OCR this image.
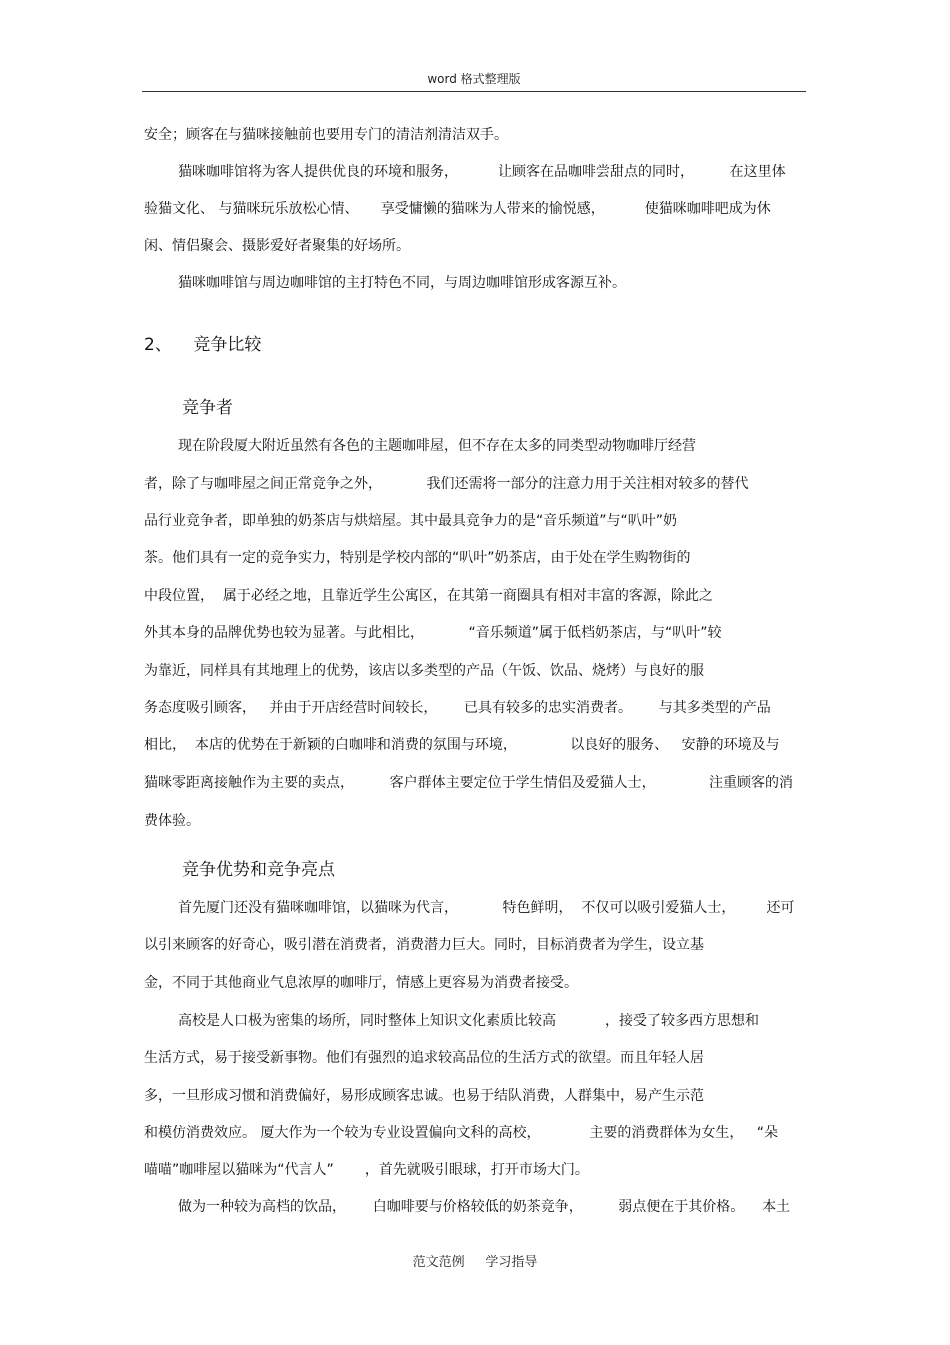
word 格式整理版
安全；顾客在与猫咪接触前也要用专门的清洁剂清洁双手。
猫咪咖啡馆将为客人提供优良的环境和服务，         让顾客在品咖啡尝甜点的同时，        在这里体
验猫文化、 与猫咪玩乐放松心情、     享受慵懒的猫咪为人带来的愉悦感，         使猫咪咖啡吧成为休
闲、情侣聚会、摄影爱好者聚集的好场所。
猫咪咖啡馆与周边咖啡馆的主打特色不同，与周边咖啡馆形成客源互补。
2、    竞争比较
竞争者
现在阶段厦大附近虽然有各色的主题咖啡屋，但不存在太多的同类型动物咖啡厅经营
者，除了与咖啡屋之间正常竞争之外，          我们还需将一部分的注意力用于关注相对较多的替代
品行业竞争者，即单独的奶茶店与烘焙屋。其中最具竞争力的是“音乐频道”与“叭叶”奶
茶。他们具有一定的竞争实力，特别是学校内部的“叭叶”奶茶店，由于处在学生购物街的
中段位置，  属于必经之地，且靠近学生公寓区，在其第一商圈具有相对丰富的客源，除此之
外其本身的品牌优势也较为显著。与此相比，          “音乐频道”属于低档奶茶店，与“叭叶”较
为靠近，同样具有其地理上的优势，该店以多类型的产品（午饭、饮品、烧烤）与良好的服
务态度吸引顾客，   并由于开店经营时间较长，      已具有较多的忠实消费者。      与其多类型的产品
相比，  本店的优势在于新颖的白咖啡和消费的氛围与环境，            以良好的服务、   安静的环境及与
猫咪零距离接触作为主要的卖点，        客户群体主要定位于学生情侣及爱猫人士，            注重顾客的消
费体验。
竞争优势和竞争亮点
首先厦门还没有猫咪咖啡馆，以猫咪为代言，          特色鲜明，  不仅可以吸引爱猫人士，       还可
以引来顾客的好奇心，吸引潜在消费者，消费潜力巨大。同时，目标消费者为学生，设立基
金，不同于其他商业气息浓厚的咖啡厅，情感上更容易为消费者接受。
高校是人口极为密集的场所，同时整体上知识文化素质比较高           ，接受了较多西方思想和
生活方式，易于接受新事物。他们有强烈的追求较高品位的生活方式的欲望。而且年轻人居
多，一旦形成习惯和消费偏好，易形成顾客忠诚。也易于结队消费，人群集中，易产生示范
和模仿消费效应。 厦大作为一个较为专业设置偏向文科的高校，           主要的消费群体为女生，   “朵
喵喵”咖啡屋以猫咪为“代言人”       ，首先就吸引眼球，打开市场大门。
做为一种较为高档的饮品，      白咖啡要与价格较低的奶茶竞争，        弱点便在于其价格。    本土
范文范例     学习指导
